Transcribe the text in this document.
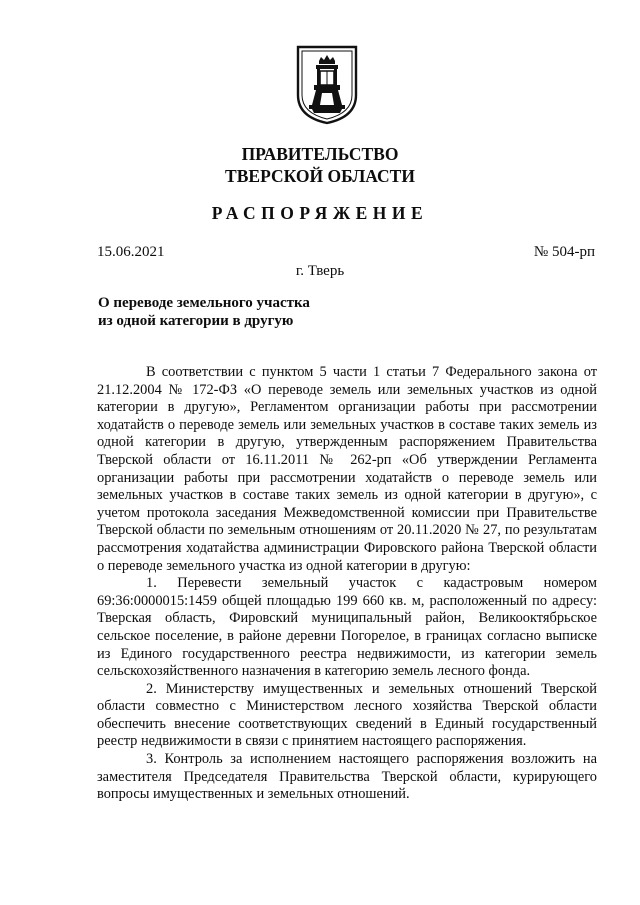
ПРАВИТЕЛЬСТВО
ТВЕРСКОЙ ОБЛАСТИ
РАСПОРЯЖЕНИЕ
15.06.2021	№ 504-рп
г. Тверь
О переводе земельного участка
из одной категории в другую

В соответствии с пунктом 5 части 1 статьи 7 Федерального закона от 21.12.2004 № 172-ФЗ «О переводе земель или земельных участков из одной категории в другую», Регламентом организации работы при рассмотрении ходатайств о переводе земель или земельных участков в составе таких земель из одной категории в другую, утвержденным распоряжением Правительства Тверской области от 16.11.2011 № 262-рп «Об утверждении Регламента организации работы при рассмотрении ходатайств о переводе земель или земельных участков в составе таких земель из одной категории в другую», с учетом протокола заседания Межведомственной комиссии при Правительстве Тверской области по земельным отношениям от 20.11.2020 № 27, по результатам рассмотрения ходатайства администрации Фировского района Тверской области о переводе земельного участка из одной категории в другую:

1. Перевести земельный участок с кадастровым номером 69:36:0000015:1459 общей площадью 199 660 кв. м, расположенный по адресу: Тверская область, Фировский муниципальный район, Великооктябрьское сельское поселение, в районе деревни Погорелое, в границах согласно выписке из Единого государственного реестра недвижимости, из категории земель сельскохозяйственного назначения в категорию земель лесного фонда.

2. Министерству имущественных и земельных отношений Тверской области совместно с Министерством лесного хозяйства Тверской области обеспечить внесение соответствующих сведений в Единый государственный реестр недвижимости в связи с принятием настоящего распоряжения.

3. Контроль за исполнением настоящего распоряжения возложить на заместителя Председателя Правительства Тверской области, курирующего вопросы имущественных и земельных отношений.
